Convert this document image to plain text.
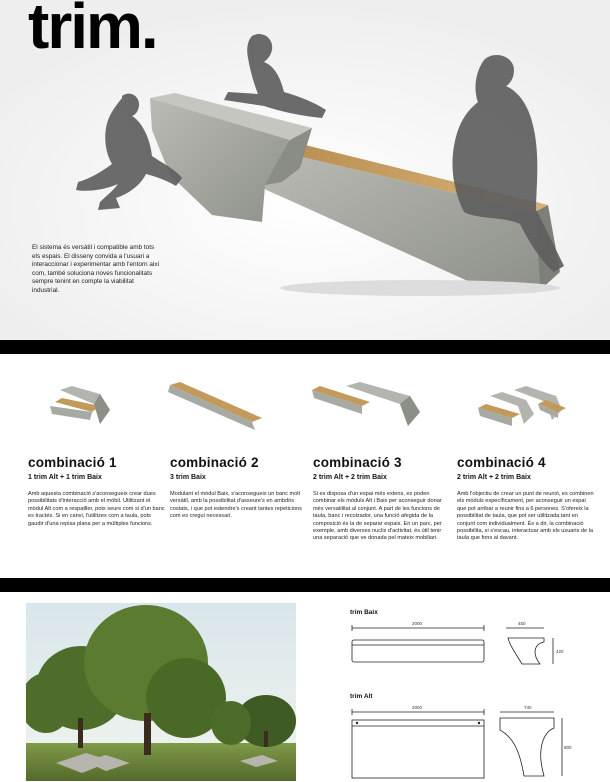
trim.
El sistema és versàtil i compatible amb tots els espais. El disseny convida a l'usuari a interaccionar i experimentar amb l'entorn així com, també soluciona noves funcionalitats sempre tenint en compte la viabilitat industrial.
combinació 1
1 trim Alt + 1 trim Baix
Amb aquesta combinació s'aconsegueix crear dues possibilitats d'interacció amb el mòbil. Utilitzant el mòdul Alt com a respatller, pots seure com si d'un banc es tractés. Si en canvi, l'utilitzes com a taula, pots gaudir d'una repisa plana per a múltiples funcions.
combinació 2
3 trim Baix
Modulant el mòdul Baix, s'aconsegueix un banc molt versàtil, amb la possibilitat d'asseure's en ambdós costats, i que pot estendre's creant tantes repeticions com es cregui necessari.
combinació 3
2 trim Alt + 2 trim Baix
Si es disposa d'un espai més extens, es poden combinar els mòduls Alt i Baix per aconseguir donar més versatilitat al conjunt. A part de les funcions de taula, banc i recolzador, una funció afegida de la composició és la de separar espais. En un parc, per exemple, amb diverses nuclis d'activitat, és útil tenir una separació que ve donada pel mateix mobiliari.
combinació 4
2 trim Alt + 2 trim Baix
Amb l'objectiu de crear un punt de reunió, es combinen els mòduls específicament, per aconseguir un espai que pot arribar a reunir fins a 6 persones. S'ofereix la possibilitat de taula, que pot ser utilitzada tant en conjunt com individualment. És a dir, la combinació possibilita, si s'escau, interactuar amb els usuaris de la taula que fons al davant.
trim Baix
2000	450
420
trim Alt
2000	740
800
